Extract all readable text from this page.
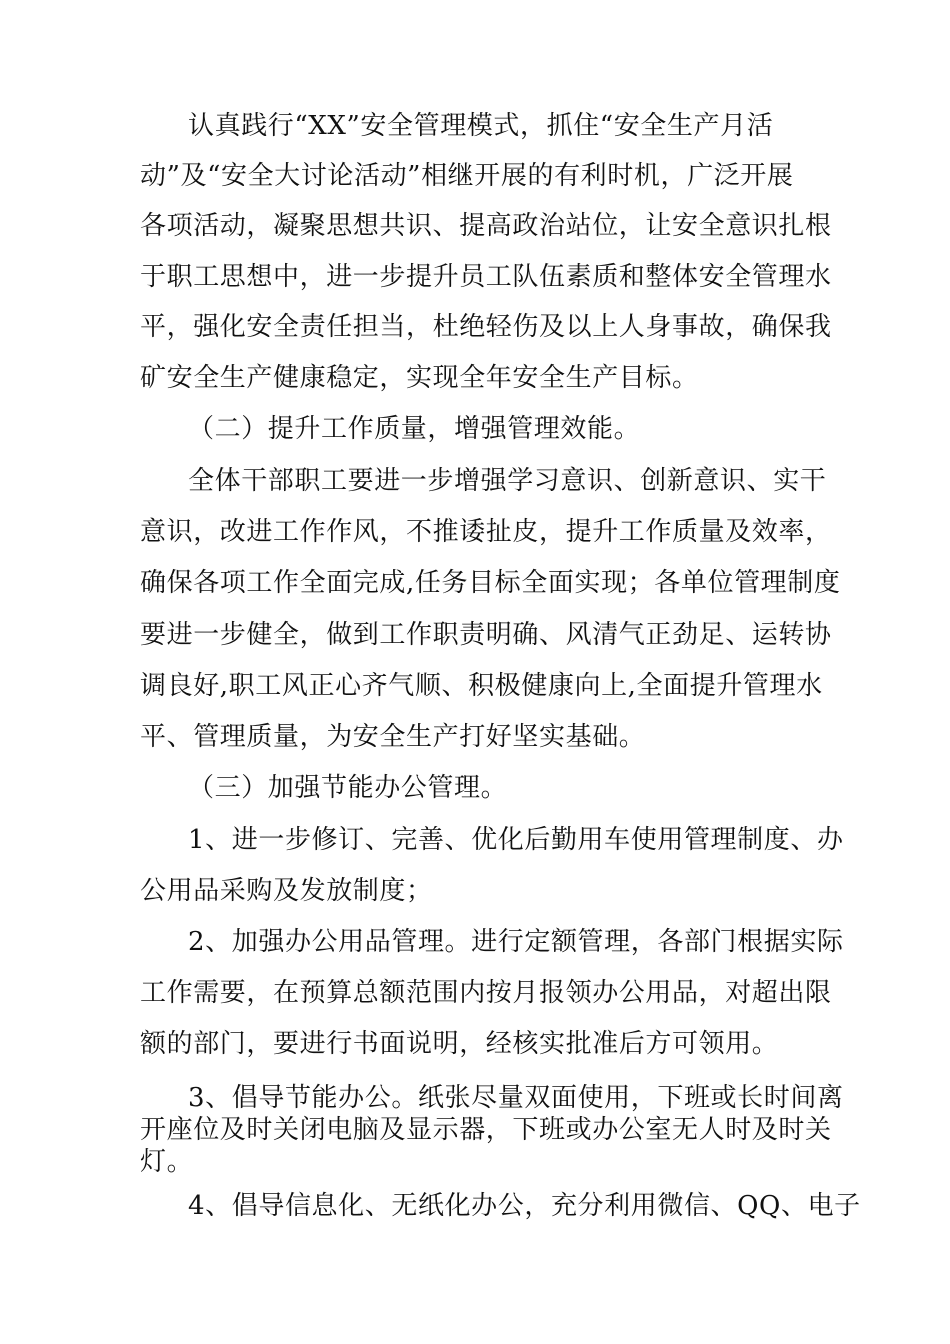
认真践行“XX”安全管理模式，抓住“安全生产月活

动”及“安全大讨论活动”相继开展的有利时机，广泛开展

各项活动，凝聚思想共识、提高政治站位，让安全意识扎根

于职工思想中，进一步提升员工队伍素质和整体安全管理水

平，强化安全责任担当，杜绝轻伤及以上人身事故，确保我

矿安全生产健康稳定，实现全年安全生产目标。

（二）提升工作质量，增强管理效能。

全体干部职工要进一步增强学习意识、创新意识、实干

意识，改进工作作风，不推诿扯皮，提升工作质量及效率，

确保各项工作全面完成,任务目标全面实现；各单位管理制度

要进一步健全，做到工作职责明确、风清气正劲足、运转协

调良好,职工风正心齐气顺、积极健康向上,全面提升管理水

平、管理质量，为安全生产打好坚实基础。

（三）加强节能办公管理。

1、进一步修订、完善、优化后勤用车使用管理制度、办

公用品采购及发放制度；

2、加强办公用品管理。进行定额管理，各部门根据实际

工作需要，在预算总额范围内按月报领办公用品，对超出限

额的部门，要进行书面说明，经核实批准后方可领用。

3、倡导节能办公。纸张尽量双面使用，下班或长时间离

开座位及时关闭电脑及显示器，下班或办公室无人时及时关

灯。

4、倡导信息化、无纸化办公，充分利用微信、QQ、电子
